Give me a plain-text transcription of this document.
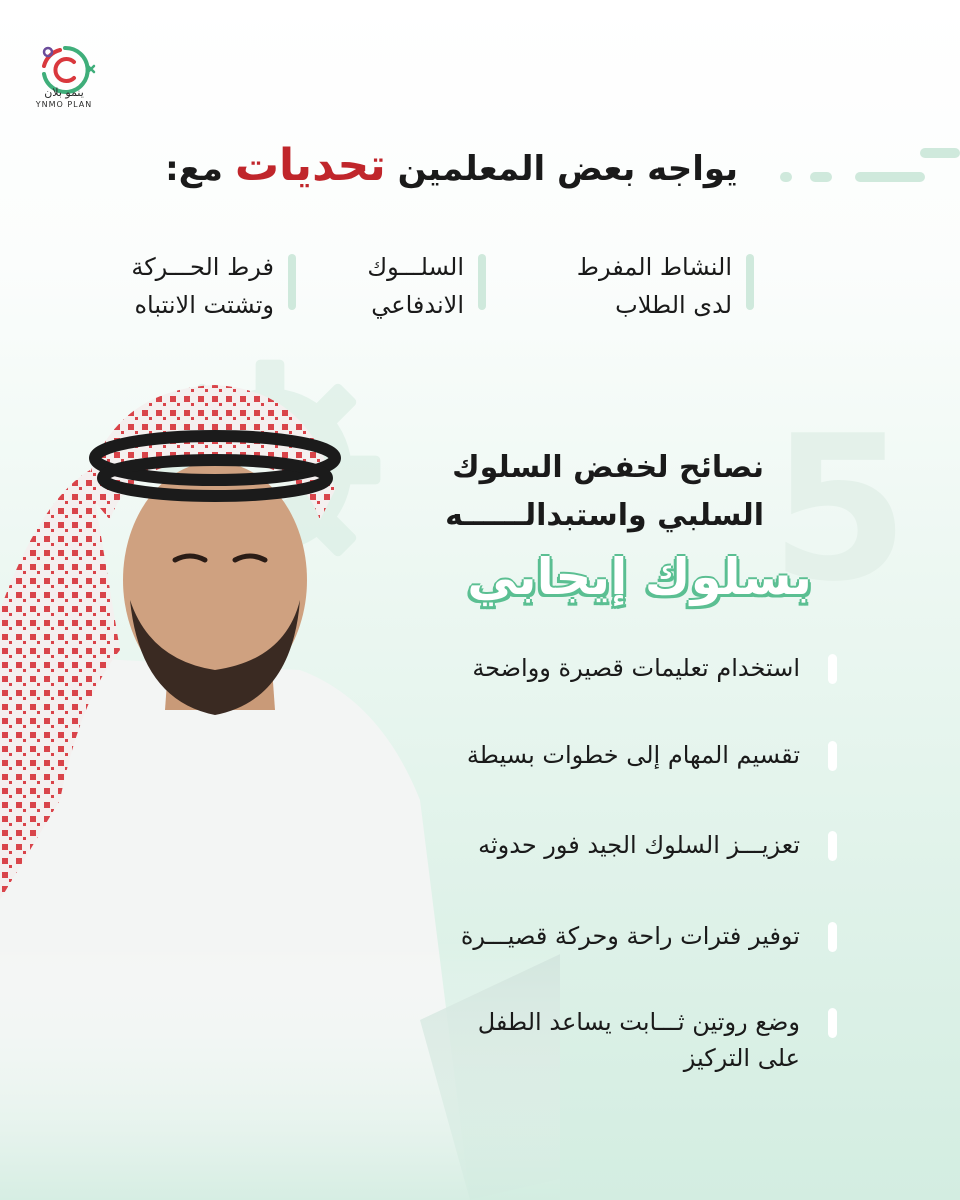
ينمو بلان
YNMO PLAN
يواجه بعض المعلمين تحديات مع:
النشاط المفرط
لدى الطلاب
السلـــوك
الاندفاعي
فرط الحـــركة
وتشتت الانتباه
5
نصائح لخفض السلوك
السلبي واستبدالــــــه
بسلوك إيجابي
استخدام تعليمات قصيرة وواضحة
تقسيم المهام إلى خطوات بسيطة
تعزيـــز السلوك الجيد فور حدوثه
توفير فترات راحة وحركة قصيـــرة
وضع روتين ثـــابت يساعد الطفل
على التركيز
